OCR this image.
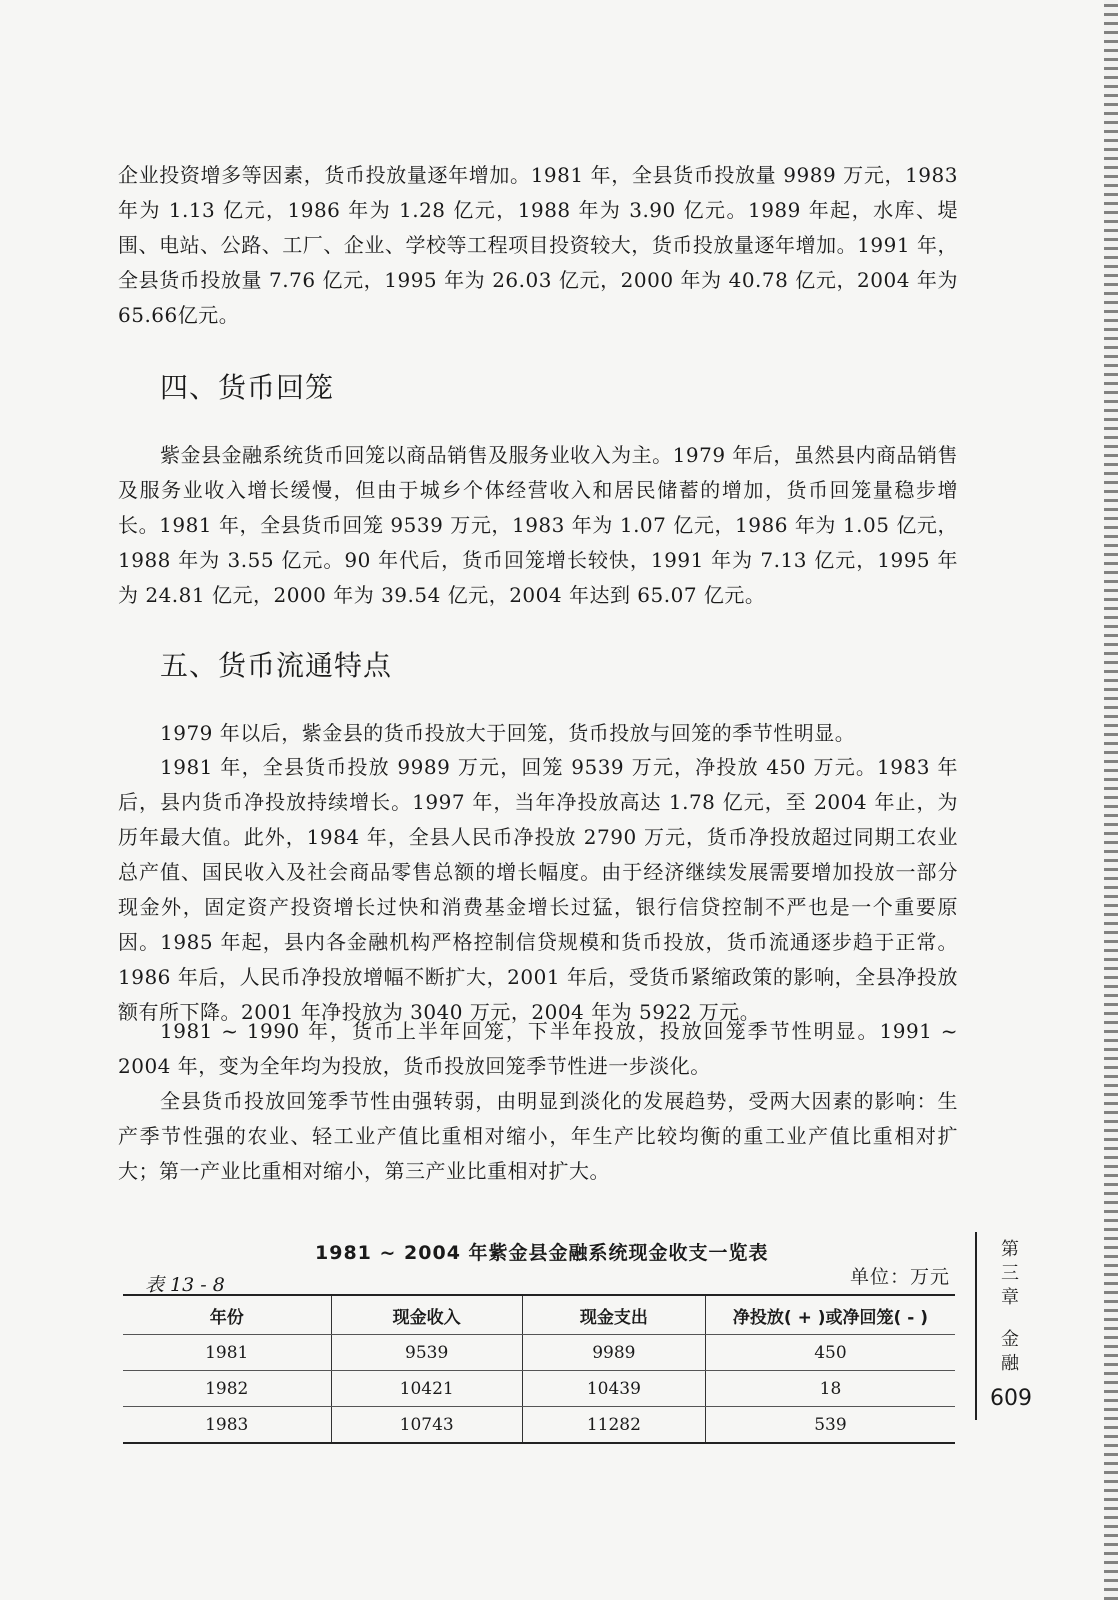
企业投资增多等因素，货币投放量逐年增加。1981 年，全县货币投放量 9989 万元，1983 年为 1.13 亿元，1986 年为 1.28 亿元，1988 年为 3.90 亿元。1989 年起，水库、堤围、电站、公路、工厂、企业、学校等工程项目投资较大，货币投放量逐年增加。1991 年，全县货币投放量 7.76 亿元，1995 年为 26.03 亿元，2000 年为 40.78 亿元，2004 年为 65.66亿元。

四、货币回笼

紫金县金融系统货币回笼以商品销售及服务业收入为主。1979 年后，虽然县内商品销售及服务业收入增长缓慢，但由于城乡个体经营收入和居民储蓄的增加，货币回笼量稳步增长。1981 年，全县货币回笼 9539 万元，1983 年为 1.07 亿元，1986 年为 1.05 亿元，1988 年为 3.55 亿元。90 年代后，货币回笼增长较快，1991 年为 7.13 亿元，1995 年为 24.81 亿元，2000 年为 39.54 亿元，2004 年达到 65.07 亿元。

五、货币流通特点

1979 年以后，紫金县的货币投放大于回笼，货币投放与回笼的季节性明显。

1981 年，全县货币投放 9989 万元，回笼 9539 万元，净投放 450 万元。1983 年后，县内货币净投放持续增长。1997 年，当年净投放高达 1.78 亿元，至 2004 年止，为历年最大值。此外，1984 年，全县人民币净投放 2790 万元，货币净投放超过同期工农业总产值、国民收入及社会商品零售总额的增长幅度。由于经济继续发展需要增加投放一部分现金外，固定资产投资增长过快和消费基金增长过猛，银行信贷控制不严也是一个重要原因。1985 年起，县内各金融机构严格控制信贷规模和货币投放，货币流通逐步趋于正常。1986 年后，人民币净投放增幅不断扩大，2001 年后，受货币紧缩政策的影响，全县净投放额有所下降。2001 年净投放为 3040 万元，2004 年为 5922 万元。

1981 ~ 1990 年，货币上半年回笼，下半年投放，投放回笼季节性明显。1991 ~ 2004 年，变为全年均为投放，货币投放回笼季节性进一步淡化。

全县货币投放回笼季节性由强转弱，由明显到淡化的发展趋势，受两大因素的影响：生产季节性强的农业、轻工业产值比重相对缩小，年生产比较均衡的重工业产值比重相对扩大；第一产业比重相对缩小，第三产业比重相对扩大。

1981 ~ 2004 年紫金县金融系统现金收支一览表
表 13 - 8	单位：万元
年份	现金收入	现金支出	净投放( + )或净回笼( - )
1981	9539	9989	450
1982	10421	10439	18
1983	10743	11282	539
第
三
章
金
融
609
